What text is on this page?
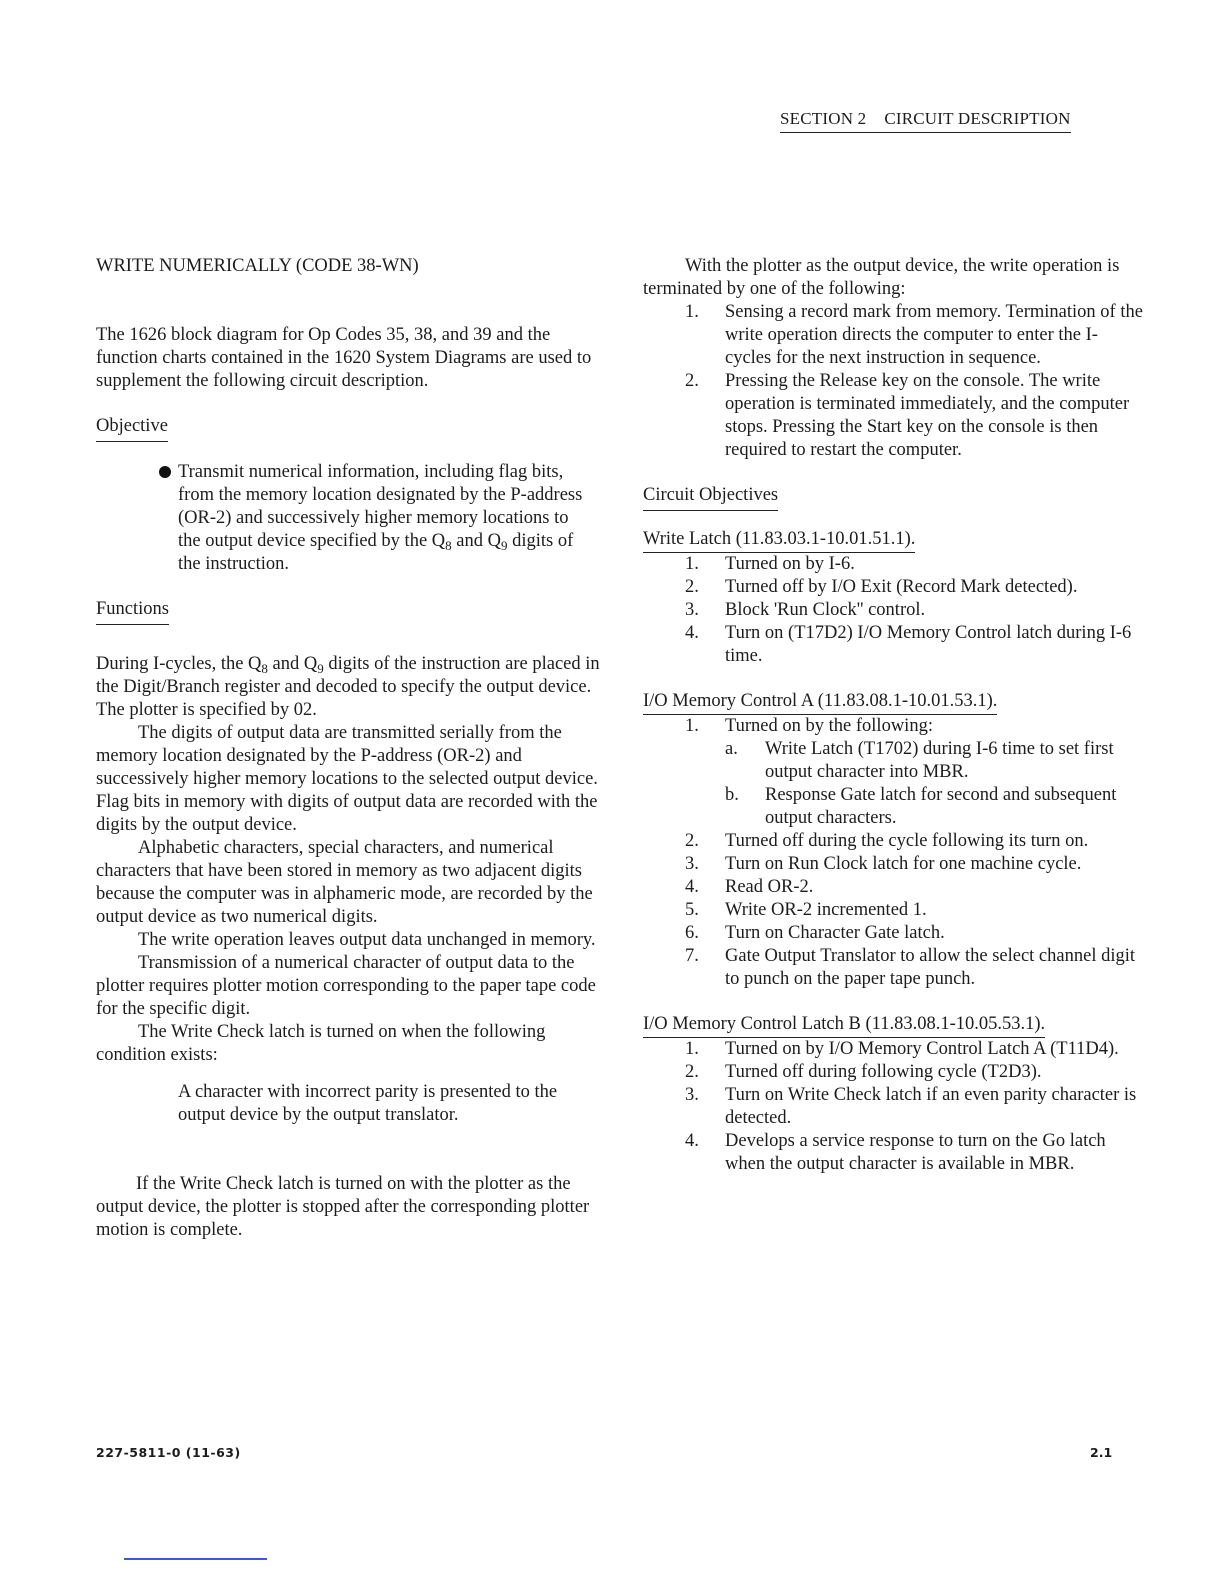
SECTION 2 CIRCUIT DESCRIPTION

WRITE NUMERICALLY (CODE 38-WN)

The 1626 block diagram for Op Codes 35, 38, and 39 and the function charts contained in the 1620 System Diagrams are used to supplement the following circuit description.

Objective
Transmit numerical information, including flag bits, from the memory location designated by the P-address (OR-2) and successively higher memory locations to the output device specified by the $Q_8$ and $Q_9$ digits of the instruction.
Functions

During I-cycles, the $Q_8$ and $Q_9$ digits of the instruction are placed in the Digit/Branch register and decoded to specify the output device. The plotter is specified by 02.

The digits of output data are transmitted serially from the memory location designated by the P-address (OR-2) and successively higher memory locations to the selected output device. Flag bits in memory with digits of output data are recorded with the digits by the output device.

Alphabetic characters, special characters, and numerical characters that have been stored in memory as two adjacent digits because the computer was in alphameric mode, are recorded by the output device as two numerical digits.

The write operation leaves output data unchanged in memory.

Transmission of a numerical character of output data to the plotter requires plotter motion corresponding to the paper tape code for the specific digit.

The Write Check latch is turned on when the following condition exists:

A character with incorrect parity is presented to the output device by the output translator.

If the Write Check latch is turned on with the plotter as the output device, the plotter is stopped after the corresponding plotter motion is complete.

With the plotter as the output device, the write operation is terminated by one of the following:

1. Sensing a record mark from memory. Termination of the write operation directs the computer to enter the I-cycles for the next instruction in sequence.
2. Pressing the Release key on the console. The write operation is terminated immediately, and the computer stops. Pressing the Start key on the console is then required to restart the computer.
Circuit Objectives
Write Latch (11.83.03.1-10.01.51.1).
1. Turned on by I-6.
2. Turned off by I/O Exit (Record Mark detected).
3. Block 'Run Clock'' control.
4. Turn on (T17D2) I/O Memory Control latch during I-6 time.
I/O Memory Control A (11.83.08.1-10.01.53.1).
1. Turned on by the following:
a. Write Latch (T1702) during I-6 time to set first output character into MBR.
b. Response Gate latch for second and subsequent output characters.
2. Turned off during the cycle following its turn on.
3. Turn on Run Clock latch for one machine cycle.
4. Read OR-2.
5. Write OR-2 incremented 1.
6. Turn on Character Gate latch.
7. Gate Output Translator to allow the select channel digit to punch on the paper tape punch.
I/O Memory Control Latch B (11.83.08.1-10.05.53.1).
1. Turned on by I/O Memory Control Latch A (T11D4).
2. Turned off during following cycle (T2D3).
3. Turn on Write Check latch if an even parity character is detected.
4. Develops a service response to turn on the Go latch when the output character is available in MBR.
227-5811-0 (11-63)	2.1
